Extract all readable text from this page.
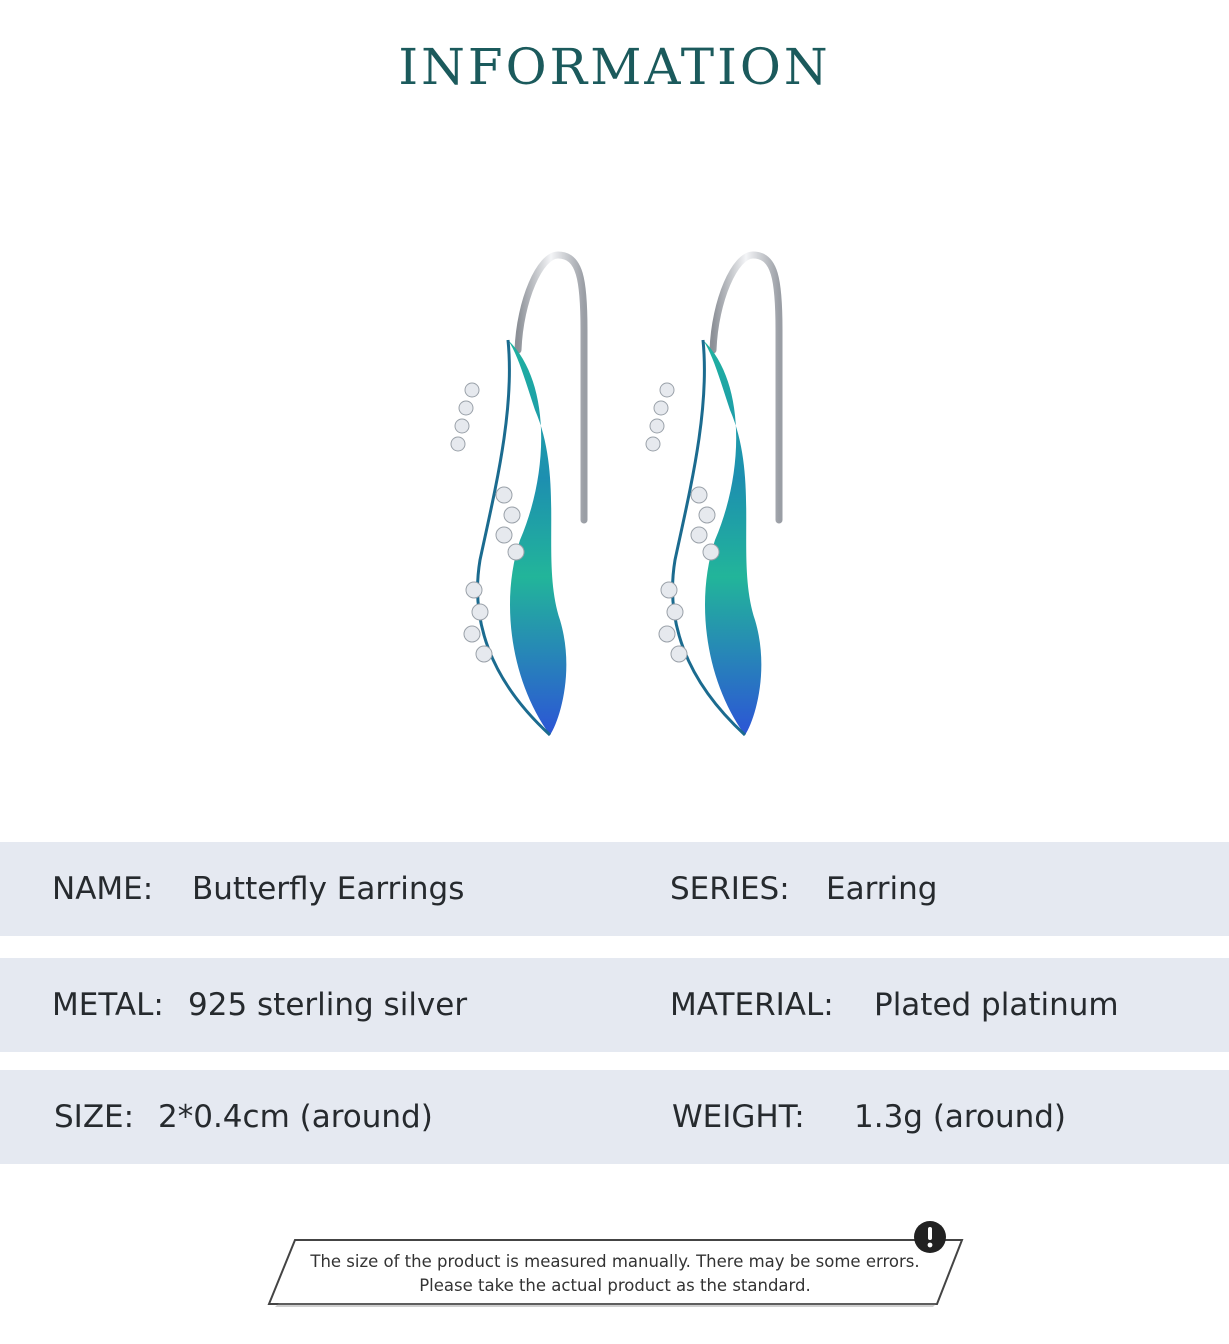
INFORMATION
NAME: Butterfly Earrings	SERIES: Earring
METAL: 925 sterling silver	MATERIAL: Plated platinum
SIZE: 2*0.4cm (around)	WEIGHT: 1.3g (around)
The size of the product is measured manually. There may be some errors.
Please take the actual product as the standard.
